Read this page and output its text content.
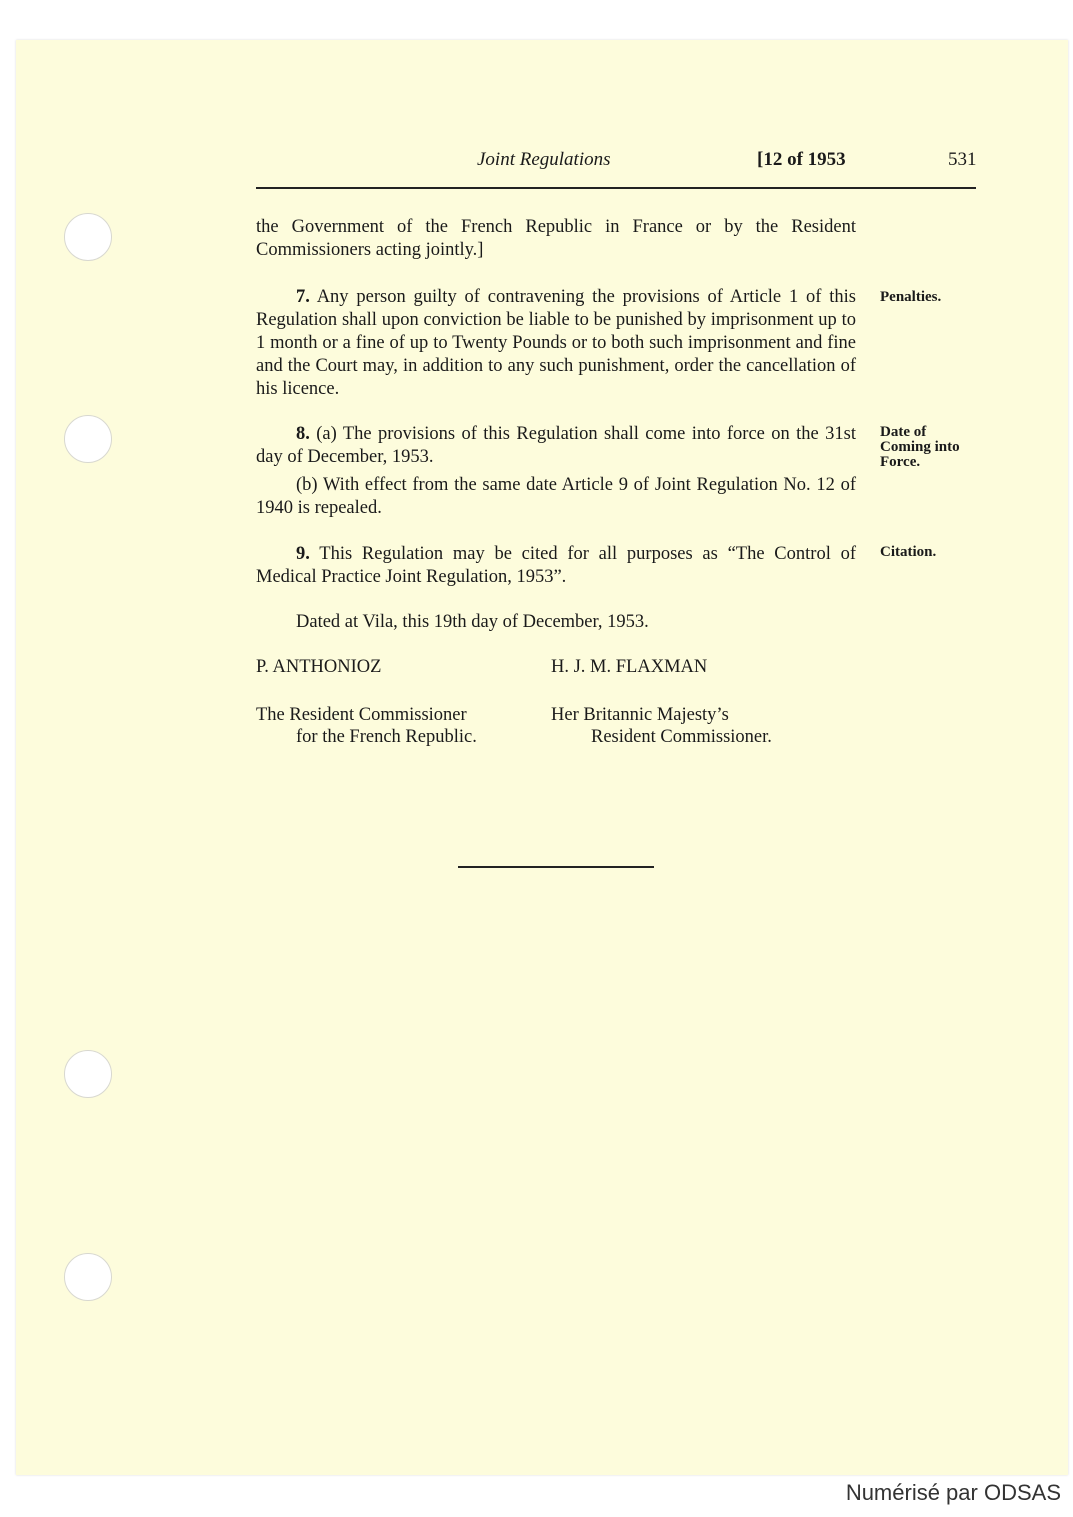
Joint Regulations	[12 of 1953	531
the Government of the French Republic in France or by the Resident Commissioners acting jointly.]
7. Any person guilty of contravening the provisions of Article 1 of this Regulation shall upon conviction be liable to be punished by imprisonment up to 1 month or a fine of up to Twenty Pounds or to both such imprisonment and fine and the Court may, in addition to any such punishment, order the cancellation of his licence.
Penalties.
8. (a) The provisions of this Regulation shall come into force on the 31st day of December, 1953.
Date of
Coming into
Force.
(b) With effect from the same date Article 9 of Joint Regulation No. 12 of 1940 is repealed.
9. This Regulation may be cited for all purposes as “The Control of Medical Practice Joint Regulation, 1953”.
Citation.
Dated at Vila, this 19th day of December, 1953.
P. ANTHONIOZ	H. J. M. FLAXMAN
The Resident Commissioner
for the French Republic.
Her Britannic Majesty’s
Resident Commissioner.
Numérisé par ODSAS
